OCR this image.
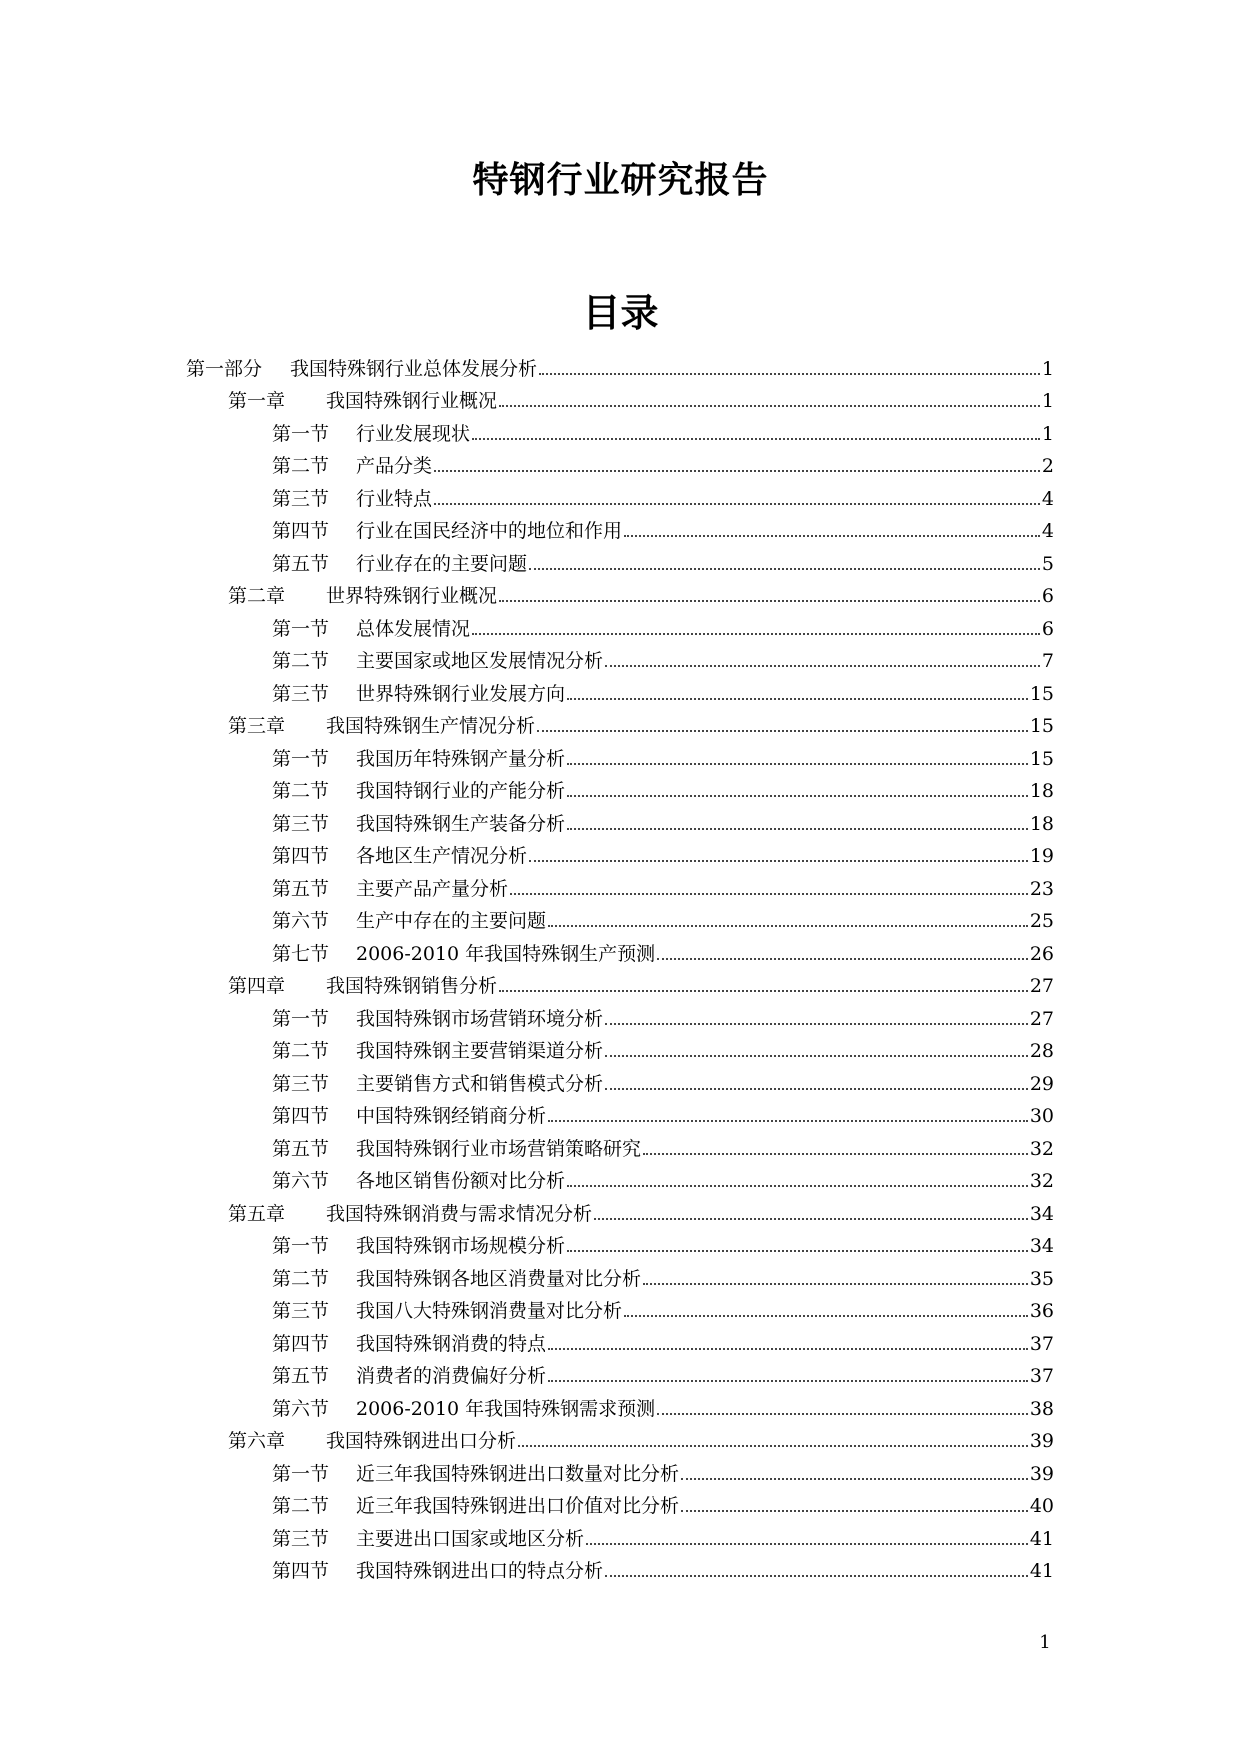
特钢行业研究报告
目录
第一部分	我国特殊钢行业总体发展分析	1
第一章	我国特殊钢行业概况	1
第一节	行业发展现状	1
第二节	产品分类	2
第三节	行业特点	4
第四节	行业在国民经济中的地位和作用	4
第五节	行业存在的主要问题	5
第二章	世界特殊钢行业概况	6
第一节	总体发展情况	6
第二节	主要国家或地区发展情况分析	7
第三节	世界特殊钢行业发展方向	15
第三章	我国特殊钢生产情况分析	15
第一节	我国历年特殊钢产量分析	15
第二节	我国特钢行业的产能分析	18
第三节	我国特殊钢生产装备分析	18
第四节	各地区生产情况分析	19
第五节	主要产品产量分析	23
第六节	生产中存在的主要问题	25
第七节	2006-2010 年我国特殊钢生产预测	26
第四章	我国特殊钢销售分析	27
第一节	我国特殊钢市场营销环境分析	27
第二节	我国特殊钢主要营销渠道分析	28
第三节	主要销售方式和销售模式分析	29
第四节	中国特殊钢经销商分析	30
第五节	我国特殊钢行业市场营销策略研究	32
第六节	各地区销售份额对比分析	32
第五章	我国特殊钢消费与需求情况分析	34
第一节	我国特殊钢市场规模分析	34
第二节	我国特殊钢各地区消费量对比分析	35
第三节	我国八大特殊钢消费量对比分析	36
第四节	我国特殊钢消费的特点	37
第五节	消费者的消费偏好分析	37
第六节	2006-2010 年我国特殊钢需求预测	38
第六章	我国特殊钢进出口分析	39
第一节	近三年我国特殊钢进出口数量对比分析	39
第二节	近三年我国特殊钢进出口价值对比分析	40
第三节	主要进出口国家或地区分析	41
第四节	我国特殊钢进出口的特点分析	41
1
